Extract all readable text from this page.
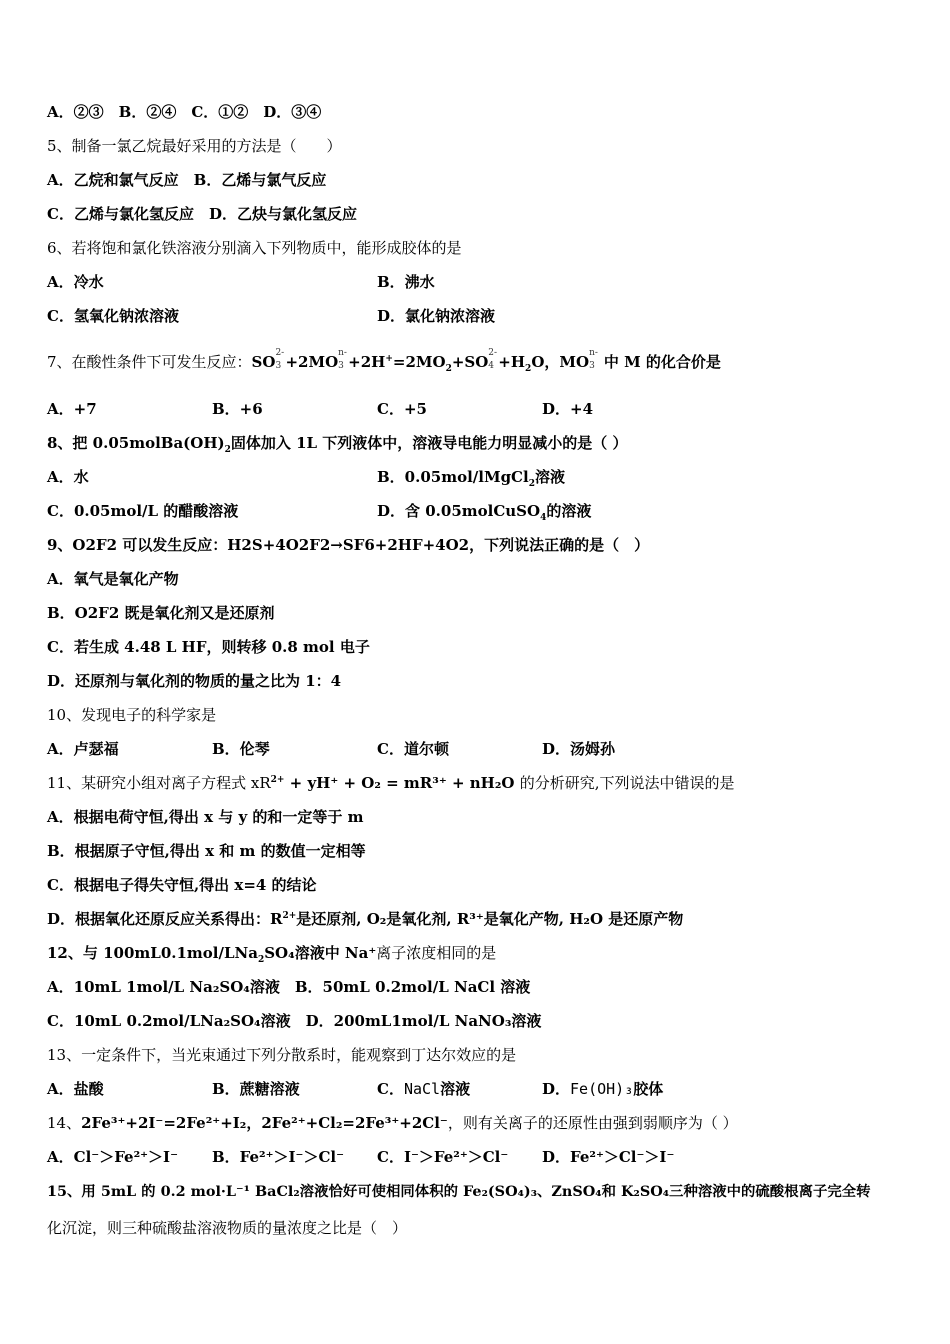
A．②③　B．②④　C．①②　D．③④
5、制备一氯乙烷最好采用的方法是（　　）
A．乙烷和氯气反应　B．乙烯与氯气反应
C．乙烯与氯化氢反应　D．乙炔与氯化氢反应
6、若将饱和氯化铁溶液分别滴入下列物质中，能形成胶体的是
A．冷水	B．沸水
C．氢氧化钠浓溶液	D．氯化钠浓溶液
7、在酸性条件下可发生反应：SO 2-
3 +2MO n-
$3 +2H^+=2MO_2+SO$ 2-
$4 +H_2O$，MO n-
3 中 M 的化合价是
A．+7	B．+6	C．+5	D．+4
8、把 $0.05molBa(OH)_2$固体加入 1L 下列液体中，溶液导电能力明显减小的是（ ）
A．水	B．0.05mol/lMgCl$_2$溶液
C．0.05mol/L 的醋酸溶液	D．含 0.05molCuSO$_4$的溶液
9、O2F2 可以发生反应：H2S+4O2F2→SF6+2HF+4O2，下列说法正确的是（　）
A．氧气是氧化产物
B．O2F2 既是氧化剂又是还原剂
C．若生成 4.48 L HF，则转移 0.8 mol 电子
D．还原剂与氧化剂的物质的量之比为 1：4
10、发现电子的科学家是
A．卢瑟福	B．伦琴	C．道尔顿	D．汤姆孙
11、某研究小组对离子方程式 $xR^{2+} + yH^+ + O_2 = mR^{3+} + nH_2O$ 的分析研究,下列说法中错误的是
A．根据电荷守恒,得出 x 与 y 的和一定等于 m
B．根据原子守恒,得出 x 和 m 的数值一定相等
C．根据电子得失守恒,得出 x=4 的结论
D．根据氧化还原反应关系得出：$R^{2+}$是还原剂, O₂是氧化剂, R³⁺是氧化产物, H₂O 是还原产物
12、与 100mL0.1mol/LNa$_2$SO₄溶液中 Na⁺离子浓度相同的是
A．10mL 1mol/L Na₂SO₄溶液　B．50mL 0.2mol/L NaCl 溶液
C．10mL 0.2mol/LNa₂SO₄溶液　D．200mL1mol/L NaNO₃溶液
13、一定条件下，当光束通过下列分散系时，能观察到丁达尔效应的是
A．盐酸	B．蔗糖溶液	C．NaCl溶液	D．Fe(OH)₃胶体
14、2Fe³⁺+2I⁻=2Fe²⁺+I₂，2Fe²⁺+Cl₂=2Fe³⁺+2Cl⁻，则有关离子的还原性由强到弱顺序为（ ）
A．Cl⁻＞Fe²⁺＞I⁻ B．Fe²⁺＞I⁻＞Cl⁻ C．I⁻＞Fe²⁺＞Cl⁻ D．Fe²⁺＞Cl⁻＞I⁻
15、用 5mL 的 0.2 mol·L⁻¹ BaCl₂溶液恰好可使相同体积的 Fe₂(SO₄)₃、ZnSO₄和 K₂SO₄三种溶液中的硫酸根离子完全转
化沉淀，则三种硫酸盐溶液物质的量浓度之比是（　）
